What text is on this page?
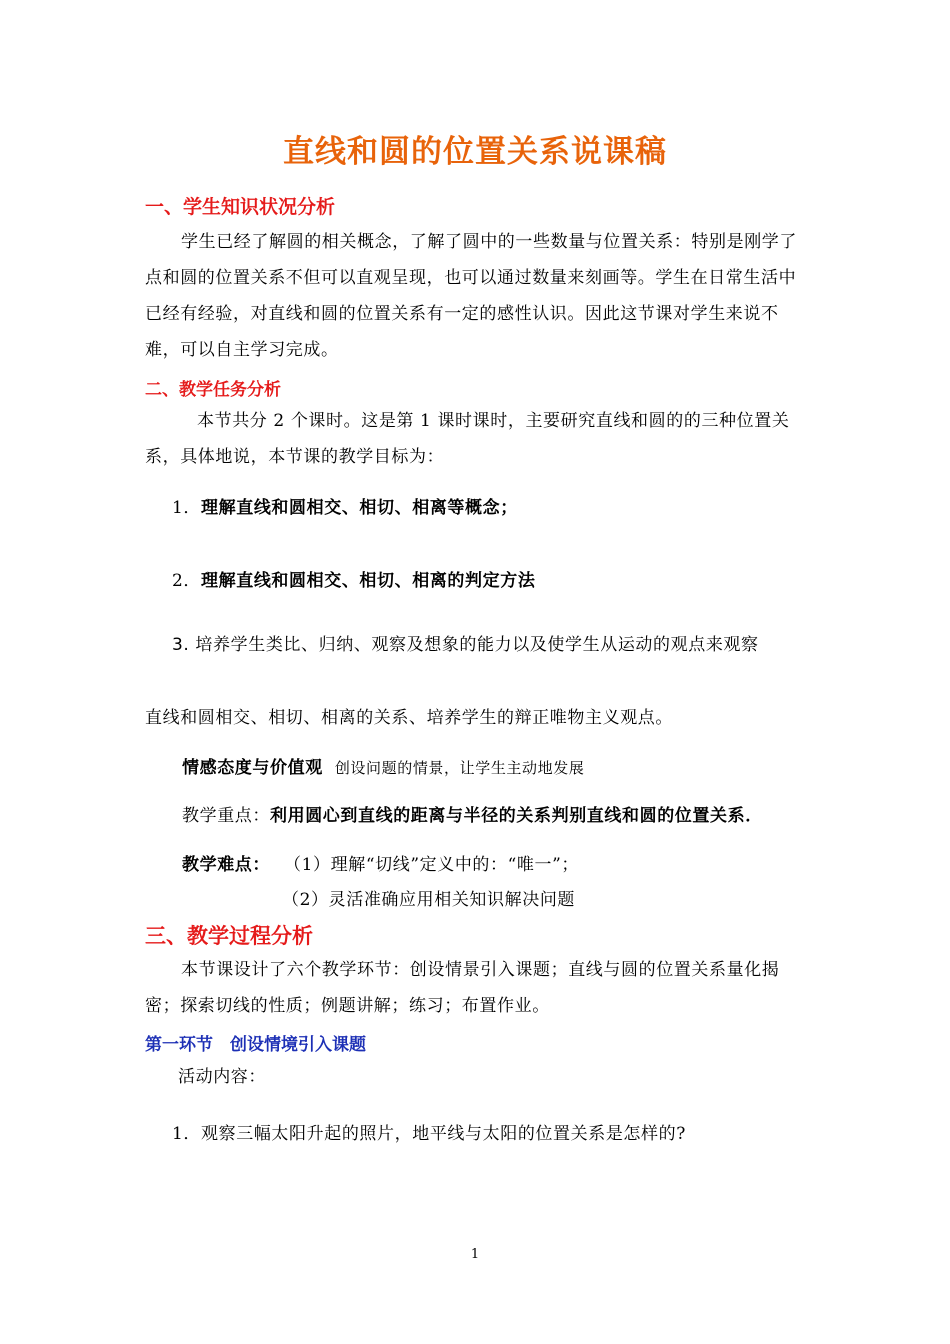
直线和圆的位置关系说课稿
一、学生知识状况分析
学生已经了解圆的相关概念，了解了圆中的一些数量与位置关系：特别是刚学了点和圆的位置关系不但可以直观呈现，也可以通过数量来刻画等。学生在日常生活中已经有经验，对直线和圆的位置关系有一定的感性认识。因此这节课对学生来说不难，可以自主学习完成。
二、教学任务分析
本节共分 2 个课时。这是第 1 课时课时，主要研究直线和圆的的三种位置关系，具体地说，本节课的教学目标为：
1．理解直线和圆相交、相切、相离等概念；
2．理解直线和圆相交、相切、相离的判定方法
3. 培养学生类比、归纳、观察及想象的能力以及使学生从运动的观点来观察
直线和圆相交、相切、相离的关系、培养学生的辩正唯物主义观点。
情感态度与价值观 创设问题的情景，让学生主动地发展
教学重点：利用圆心到直线的距离与半径的关系判别直线和圆的位置关系．
教学难点： （1）理解“切线”定义中的：“唯一”；
（2）灵活准确应用相关知识解决问题
三、教学过程分析
本节课设计了六个教学环节：创设情景引入课题；直线与圆的位置关系量化揭密；探索切线的性质；例题讲解；练习；布置作业。
第一环节　创设情境引入课题
活动内容：
1．观察三幅太阳升起的照片，地平线与太阳的位置关系是怎样的?
1
